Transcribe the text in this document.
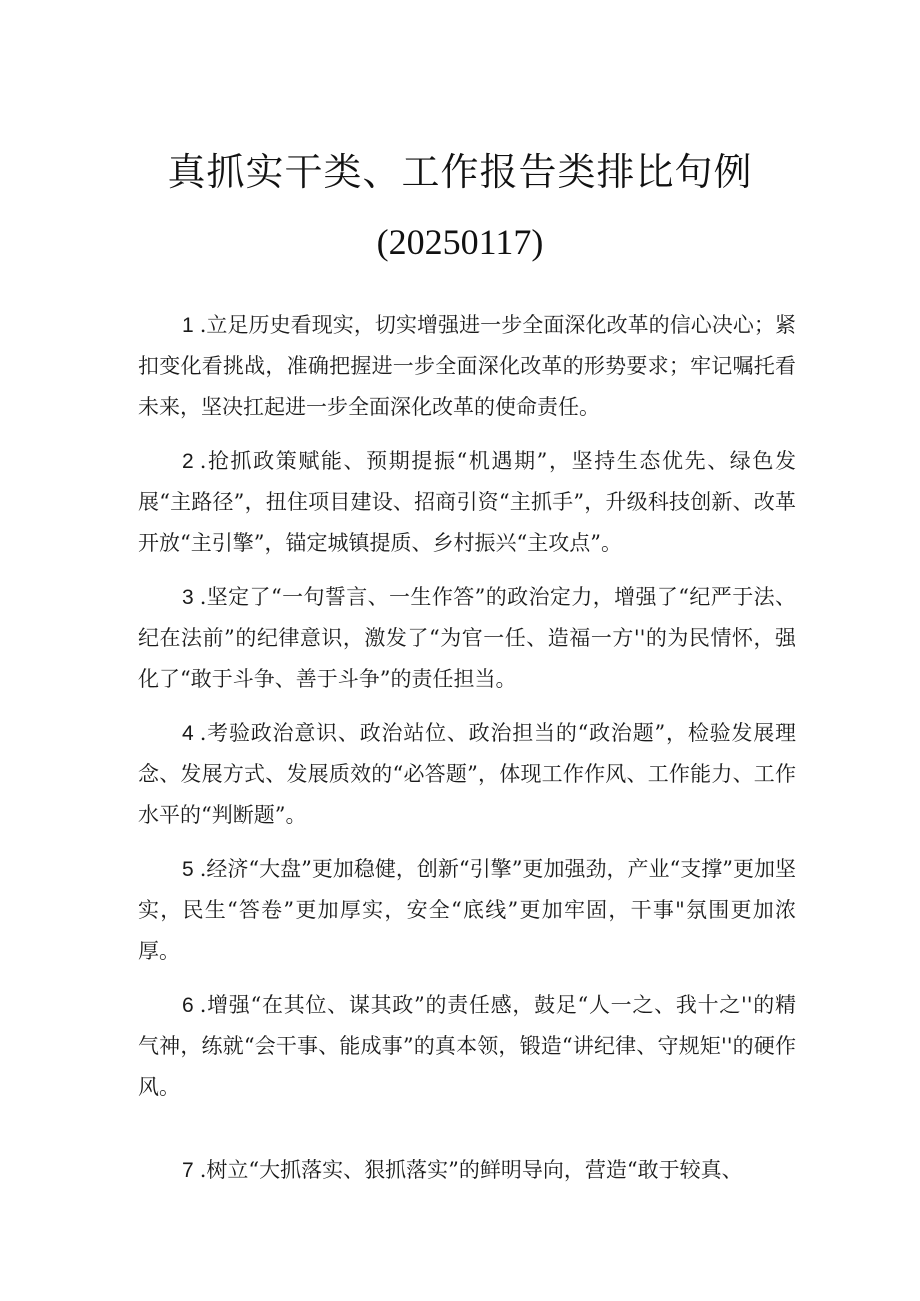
真抓实干类、工作报告类排比句例

(20250117)

1 .立足历史看现实，切实增强进一步全面深化改革的信心决心；紧扣变化看挑战，准确把握进一步全面深化改革的形势要求；牢记嘱托看未来，坚决扛起进一步全面深化改革的使命责任。

2 .抢抓政策赋能、预期提振“机遇期”，坚持生态优先、绿色发展“主路径”，扭住项目建设、招商引资“主抓手”，升级科技创新、改革开放“主引擎”，锚定城镇提质、乡村振兴“主攻点”。

3 .坚定了“一句誓言、一生作答”的政治定力，增强了“纪严于法、纪在法前”的纪律意识，激发了“为官一任、造福一方''的为民情怀，强化了“敢于斗争、善于斗争”的责任担当。

4 .考验政治意识、政治站位、政治担当的“政治题”，检验发展理念、发展方式、发展质效的“必答题”，体现工作作风、工作能力、工作水平的“判断题”。

5 .经济“大盘”更加稳健，创新“引擎”更加强劲，产业“支撑”更加坚实，民生“答卷”更加厚实，安全“底线”更加牢固，干事"氛围更加浓厚。

6 .增强“在其位、谋其政”的责任感，鼓足“人一之、我十之''的精气神，练就“会干事、能成事”的真本领，锻造“讲纪律、守规矩''的硬作风。

7 .树立“大抓落实、狠抓落实”的鲜明导向，营造“敢于较真、
